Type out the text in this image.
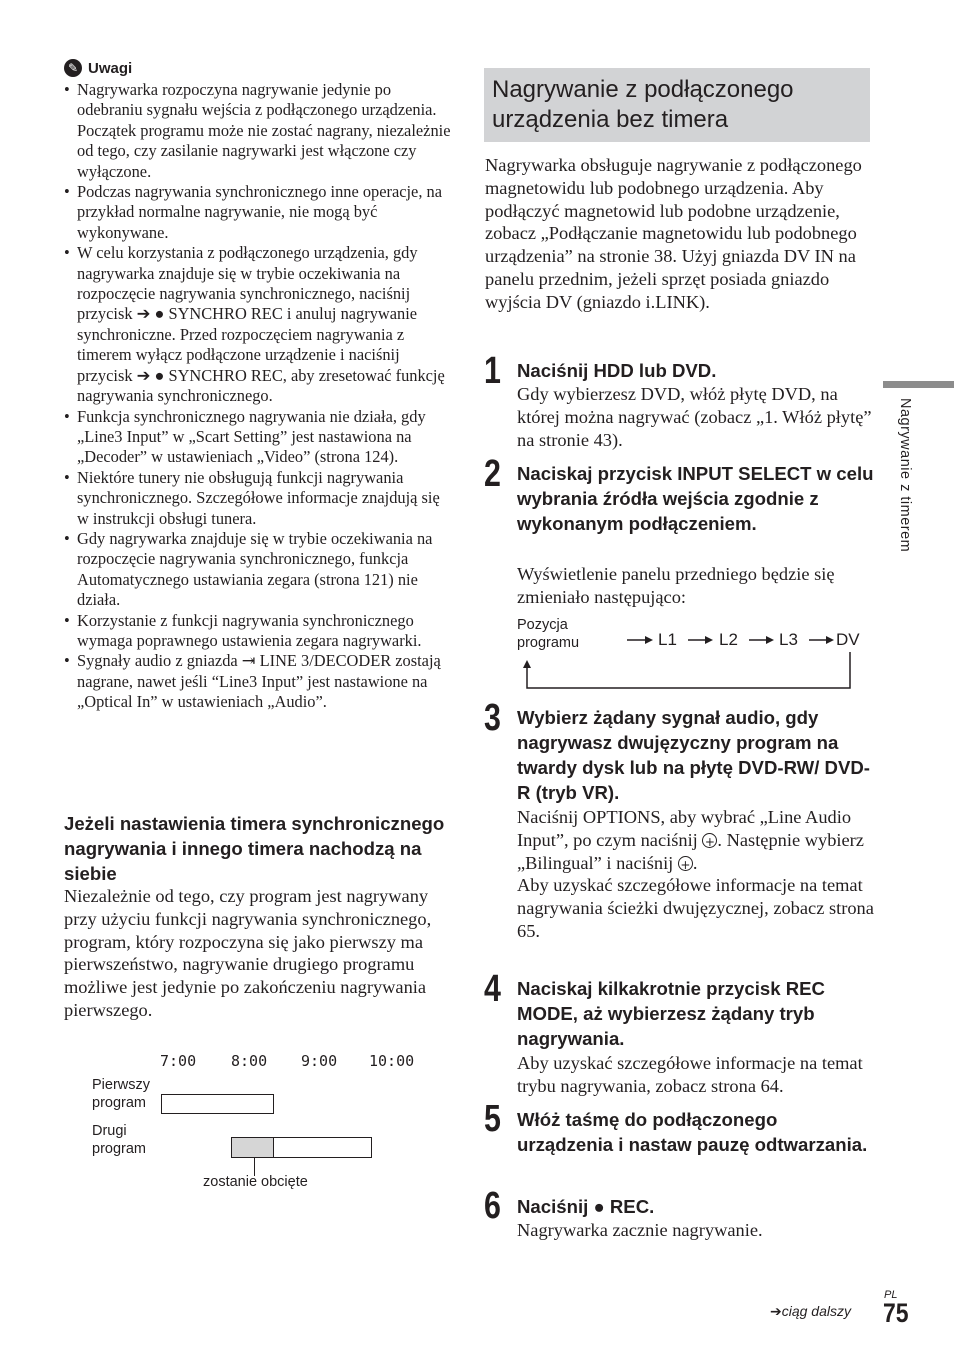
✎ Uwagi
• Nagrywarka rozpoczyna nagrywanie jedynie po odebraniu sygnału wejścia z podłączonego urządzenia. Początek programu może nie zostać nagrany, niezależnie od tego, czy zasilanie nagrywarki jest włączone czy wyłączone.
• Podczas nagrywania synchronicznego inne operacje, na przykład normalne nagrywanie, nie mogą być wykonywane.
• W celu korzystania z podłączonego urządzenia, gdy nagrywarka znajduje się w trybie oczekiwania na rozpoczęcie nagrywania synchronicznego, naciśnij przycisk ➔ ● SYNCHRO REC i anuluj nagrywanie synchroniczne. Przed rozpoczęciem nagrywania z timerem wyłącz podłączone urządzenie i naciśnij przycisk ➔ ● SYNCHRO REC, aby zresetować funkcję nagrywania synchronicznego.
• Funkcja synchronicznego nagrywania nie działa, gdy „Line3 Input” w „Scart Setting” jest nastawiona na „Decoder” w ustawieniach „Video” (strona 124).
• Niektóre tunery nie obsługują funkcji nagrywania synchronicznego. Szczegółowe informacje znajdują się w instrukcji obsługi tunera.
• Gdy nagrywarka znajduje się w trybie oczekiwania na rozpoczęcie nagrywania synchronicznego, funkcja Automatycznego ustawiania zegara (strona 121) nie działa.
• Korzystanie z funkcji nagrywania synchronicznego wymaga poprawnego ustawienia zegara nagrywarki.
• Sygnały audio z gniazda ⇥ LINE 3/DECODER zostają nagrane, nawet jeśli “Line3 Input” jest nastawione na „Optical In” w ustawieniach „Audio”.
Jeżeli nastawienia timera synchronicznego nagrywania i innego timera nachodzą na siebie
Niezależnie od tego, czy program jest nagrywany przy użyciu funkcji nagrywania synchronicznego, program, który rozpoczyna się jako pierwszy ma pierwszeństwo, nagrywanie drugiego programu możliwe jest jedynie po zakończeniu nagrywania pierwszego.
7:00 8:00 9:00 10:00
Pierwszy program
Drugi program
zostanie obcięte
Nagrywanie z podłączonego urządzenia bez timera
Nagrywarka obsługuje nagrywanie z podłączonego magnetowidu lub podobnego urządzenia. Aby podłączyć magnetowid lub podobne urządzenie, zobacz „Podłączanie magnetowidu lub podobnego urządzenia” na stronie 38. Użyj gniazda DV IN na panelu przednim, jeżeli sprzęt posiada gniazdo wyjścia DV (gniazdo i.LINK).
1 Naciśnij HDD lub DVD.
Gdy wybierzesz DVD, włóż płytę DVD, na której można nagrywać (zobacz „1. Włóż płytę” na stronie 43).
2 Naciskaj przycisk INPUT SELECT w celu wybrania źródła wejścia zgodnie z wykonanym podłączeniem.
Wyświetlenie panelu przedniego będzie się zmieniało następująco:
Pozycja programu	L1 L2 L3 DV
3 Wybierz żądany sygnał audio, gdy nagrywasz dwujęzyczny program na twardy dysk lub na płytę DVD-RW/ DVD-R (tryb VR).
Naciśnij OPTIONS, aby wybrać „Line Audio Input”, po czym naciśnij + . Następnie wybierz „Bilingual” i naciśnij + .
Aby uzyskać szczegółowe informacje na temat nagrywania ścieżki dwujęzycznej, zobacz strona 65.
4 Naciskaj kilkakrotnie przycisk REC MODE, aż wybierzesz żądany tryb nagrywania.
Aby uzyskać szczegółowe informacje na temat trybu nagrywania, zobacz strona 64.
5 Włóż taśmę do podłączonego urządzenia i nastaw pauzę odtwarzania.
6 Naciśnij ● REC.
Nagrywarka zacznie nagrywanie.
Nagrywanie z timerem
➔ciąg dalszy
PL
75
